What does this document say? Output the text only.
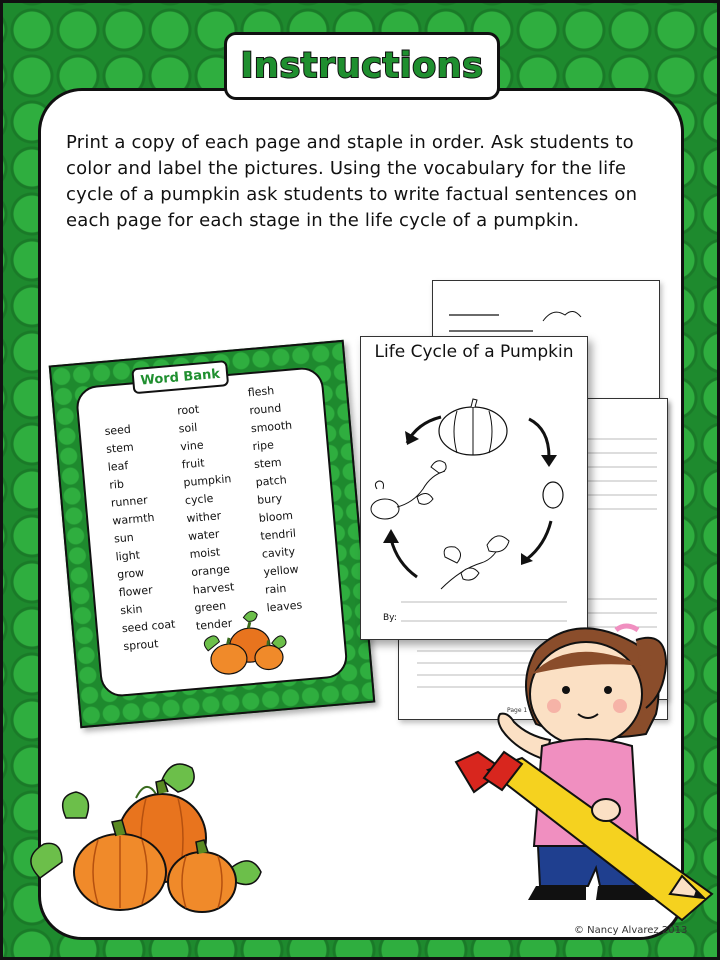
Instructions

Print a copy of each page and staple in order. Ask students to color and label the pictures. Using the vocabulary for the life cycle of a pumpkin ask students to write factual sentences on each page for each stage in the life cycle of a pumpkin.

seed
stem
leaf
rib
runner
warmth
sun
light
grow
flower
skin
seed coat
sprout
root
soil
vine
fruit
pumpkin
cycle
wither
water
moist
orange
harvest
green
tender
flesh
round
smooth
ripe
stem
patch
bury
bloom
tendril
cavity
yellow
rain
leaves
Word Bank
Page 1
Life Cycle of a Pumpkin
By:
© Nancy Alvarez 2013
